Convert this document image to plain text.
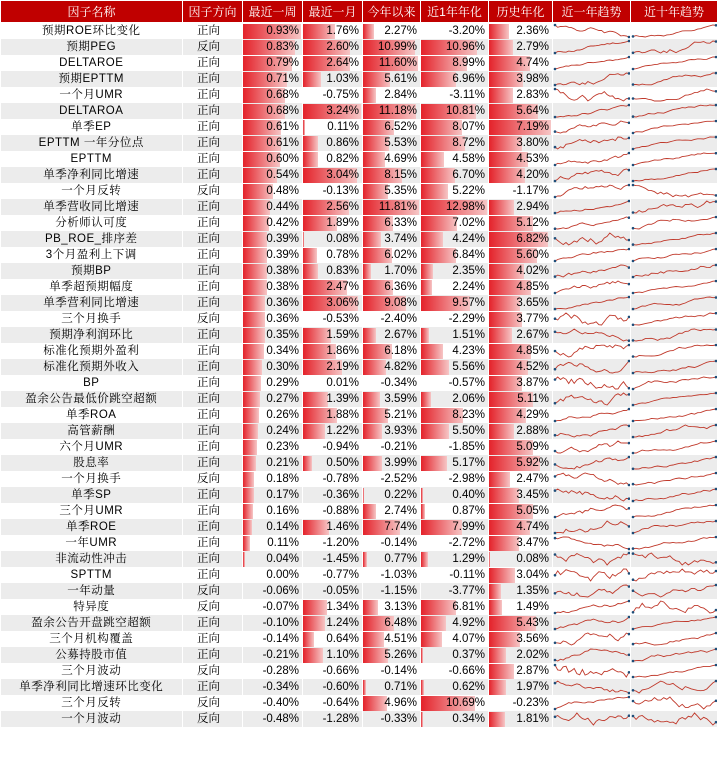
因子名称	因子方向	最近一周	最近一月	今年以来	近1年年化	历史年化	近一年趋势	近十年趋势
预期ROE环比变化	正向	0.93%	1.76%	2.27%	-3.20%	2.36%	

预期PEG	反向	0.83%	2.60%	10.99%	10.96%	2.79%	

DELTAROE	正向	0.79%	2.64%	11.60%	8.99%	4.74%	

预期EPTTM	正向	0.71%	1.03%	5.61%	6.96%	3.98%	

一个月UMR	正向	0.68%	-0.75%	2.84%	-3.11%	2.83%	

DELTAROA	正向	0.68%	3.24%	11.18%	10.81%	5.64%	

单季EP	正向	0.61%	0.11%	6.52%	8.07%	7.19%	

EPTTM 一年分位点	正向	0.61%	0.86%	5.53%	8.72%	3.80%	

EPTTM	正向	0.60%	0.82%	4.69%	4.58%	4.53%	

单季净利同比增速	正向	0.54%	3.04%	8.15%	6.70%	4.20%	

一个月反转	反向	0.48%	-0.13%	5.35%	5.22%	-1.17%	

单季营收同比增速	正向	0.44%	2.56%	11.81%	12.98%	2.94%	

分析师认可度	正向	0.42%	1.89%	6.33%	7.02%	5.12%	

PB_ROE_排序差	正向	0.39%	0.08%	3.74%	4.24%	6.82%	

3个月盈利上下调	正向	0.39%	0.78%	6.02%	6.84%	5.60%	

预期BP	正向	0.38%	0.83%	1.70%	2.35%	4.02%	

单季超预期幅度	正向	0.38%	2.47%	6.36%	2.24%	4.85%	

单季营利同比增速	正向	0.36%	3.06%	9.08%	9.57%	3.65%	

三个月换手	反向	0.36%	-0.53%	-2.40%	-2.29%	3.77%	

预期净利润环比	正向	0.35%	1.59%	2.67%	1.51%	2.67%	

标准化预期外盈利	正向	0.34%	1.86%	6.18%	4.23%	4.85%	

标准化预期外收入	正向	0.30%	2.19%	4.82%	5.56%	4.52%	

BP	正向	0.29%	0.01%	-0.34%	-0.57%	3.87%	

盈余公告最低价跳空超额	正向	0.27%	1.39%	3.59%	2.06%	5.11%	

单季ROA	正向	0.26%	1.88%	5.21%	8.23%	4.29%	

高管薪酬	正向	0.24%	1.22%	3.93%	5.50%	2.88%	

六个月UMR	正向	0.23%	-0.94%	-0.21%	-1.85%	5.09%	

股息率	正向	0.21%	0.50%	3.99%	5.17%	5.92%	

一个月换手	反向	0.18%	-0.78%	-2.52%	-2.98%	2.47%	

单季SP	正向	0.17%	-0.36%	0.22%	0.40%	3.45%	

三个月UMR	正向	0.16%	-0.88%	2.74%	0.87%	5.05%	

单季ROE	正向	0.14%	1.46%	7.74%	7.99%	4.74%	

一年UMR	正向	0.11%	-1.20%	-0.14%	-2.72%	3.47%	

非流动性冲击	正向	0.04%	-1.45%	0.77%	1.29%	0.08%	

SPTTM	正向	0.00%	-0.77%	-1.03%	-0.11%	3.04%	

一年动量	反向	-0.06%	-0.05%	-1.15%	-3.77%	1.35%	

特异度	反向	-0.07%	1.34%	3.13%	6.81%	1.49%	

盈余公告开盘跳空超额	正向	-0.10%	1.24%	6.48%	4.92%	5.43%	

三个月机构覆盖	正向	-0.14%	0.64%	4.51%	4.07%	3.56%	

公募持股市值	正向	-0.21%	1.10%	5.26%	0.37%	2.02%	

三个月波动	反向	-0.28%	-0.66%	-0.14%	-0.66%	2.87%	

单季净利同比增速环比变化	正向	-0.34%	-0.60%	0.71%	0.62%	1.97%	

三个月反转	反向	-0.40%	-0.64%	4.96%	10.69%	-0.23%	

一个月波动	反向	-0.48%	-1.28%	-0.33%	0.34%	1.81%	
